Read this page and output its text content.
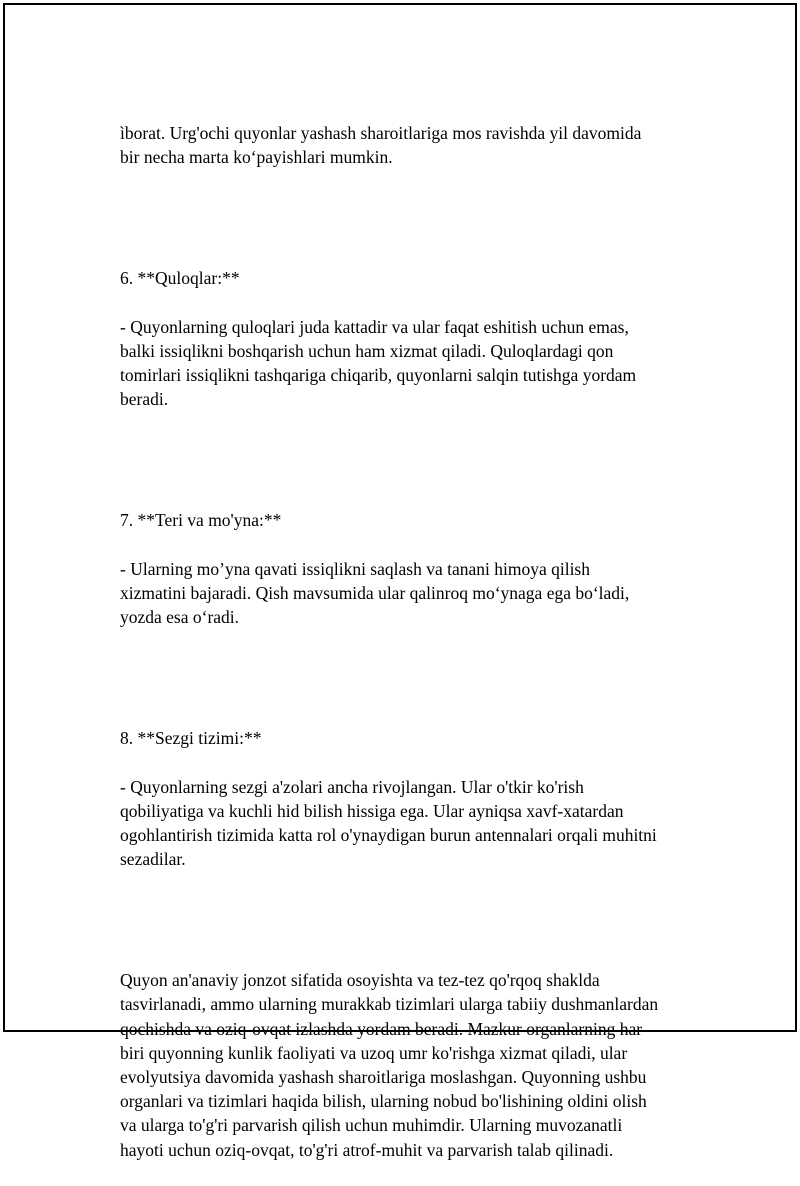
ìborat. Urg'ochi quyonlar yashash sharoitlariga mos ravishda yil davomida
bir necha marta koʻpayishlari mumkin.

6. **Quloqlar:**

- Quyonlarning quloqlari juda kattadir va ular faqat eshitish uchun emas,
balki issiqlikni boshqarish uchun ham xizmat qiladi. Quloqlardagi qon
tomirlari issiqlikni tashqariga chiqarib, quyonlarni salqin tutishga yordam
beradi.

7. **Teri va mo'yna:**

- Ularning mo’yna qavati issiqlikni saqlash va tanani himoya qilish
xizmatini bajaradi. Qish mavsumida ular qalinroq mo‘ynaga ega bo‘ladi,
yozda esa o‘radi.

8. **Sezgi tizimi:**

- Quyonlarning sezgi a'zolari ancha rivojlangan. Ular o'tkir ko'rish
qobiliyatiga va kuchli hid bilish hissiga ega. Ular ayniqsa xavf-xatardan
ogohlantirish tizimida katta rol o'ynaydigan burun antennalari orqali muhitni
sezadilar.

Quyon an'anaviy jonzot sifatida osoyishta va tez-tez qo'rqoq shaklda
tasvirlanadi, ammo ularning murakkab tizimlari ularga tabiiy dushmanlardan
qochishda va oziq-ovqat izlashda yordam beradi. Mazkur organlarning har
biri quyonning kunlik faoliyati va uzoq umr ko'rishga xizmat qiladi, ular
evolyutsiya davomida yashash sharoitlariga moslashgan. Quyonning ushbu
organlari va tizimlari haqida bilish, ularning nobud bo'lishining oldini olish
va ularga to'g'ri parvarish qilish uchun muhimdir. Ularning muvozanatli
hayoti uchun oziq-ovqat, to'g'ri atrof-muhit va parvarish talab qilinadi.
